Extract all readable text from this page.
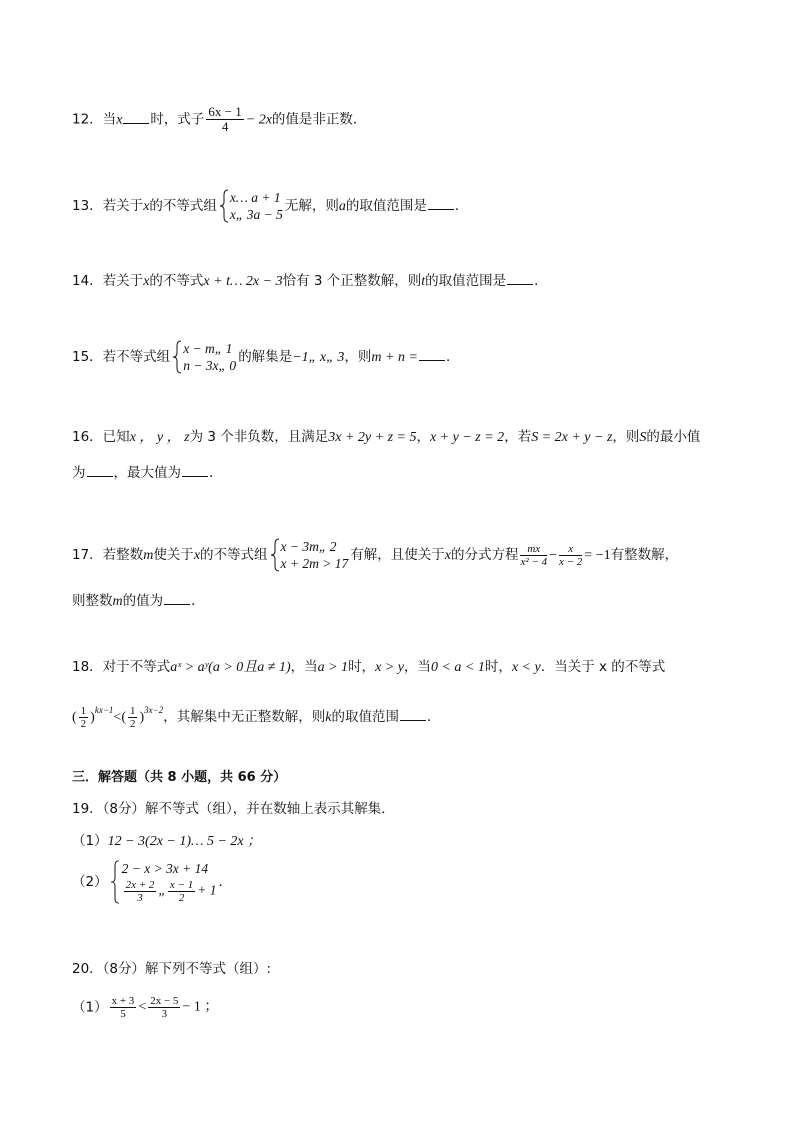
12．当x 时，式子 $\frac{6x - 1}{4} - 2x$的值是非正数．
13．若关于x的不等式组
x… a + 1
x„ 3a − 5
无解，则a的取值范围是 ．
14．若关于x的不等式x + t… 2x − 3恰有 3 个正整数解，则t的取值范围是 ．
15．若不等式组
x − m„ 1
n − 3x„ 0
的解集是−1„ x„ 3，则m + n = ．
16．已知x ， y ， z为 3 个非负数，且满足3x + 2y + z = 5，x + y − z = 2，若S = 2x + y − z，则S的最小值
为 ，最大值为 ．
17．若整数m使关于x的不等式组
x − 3m„ 2
x + 2m > 17
有解，且使关于x的分式方程 $\frac{mx}{\text{x² − 4}} - \frac{x}{x - 2} = -1$有整数解，
则整数m的值为 ．
18．对于不等式aˣ > aʸ(a > 0且a ≠ 1)，当a > 1时，x > y，当0 < a < 1时，x < y．当关于 x 的不等式
( $\frac{1}{2} )^{kx-1}<( \frac{1}{2} )^{3x-2}$，其解集中无正整数解，则k的取值范围 ．
三．解答题（共 8 小题，共 66 分）
19．（8分）解不等式（组），并在数轴上表示其解集．
（1）12 − 3(2x − 1)… 5 − 2x ；
（2）
2 − x > 3x + 14
$\frac{2x + 2}{3}$ „ $\frac{x - 1}{2} + 1$
．
20．（8分）解下列不等式（组）:
$(1) \frac{x + 3}{5} < \frac{2x - 5}{3} - 1$ ；
